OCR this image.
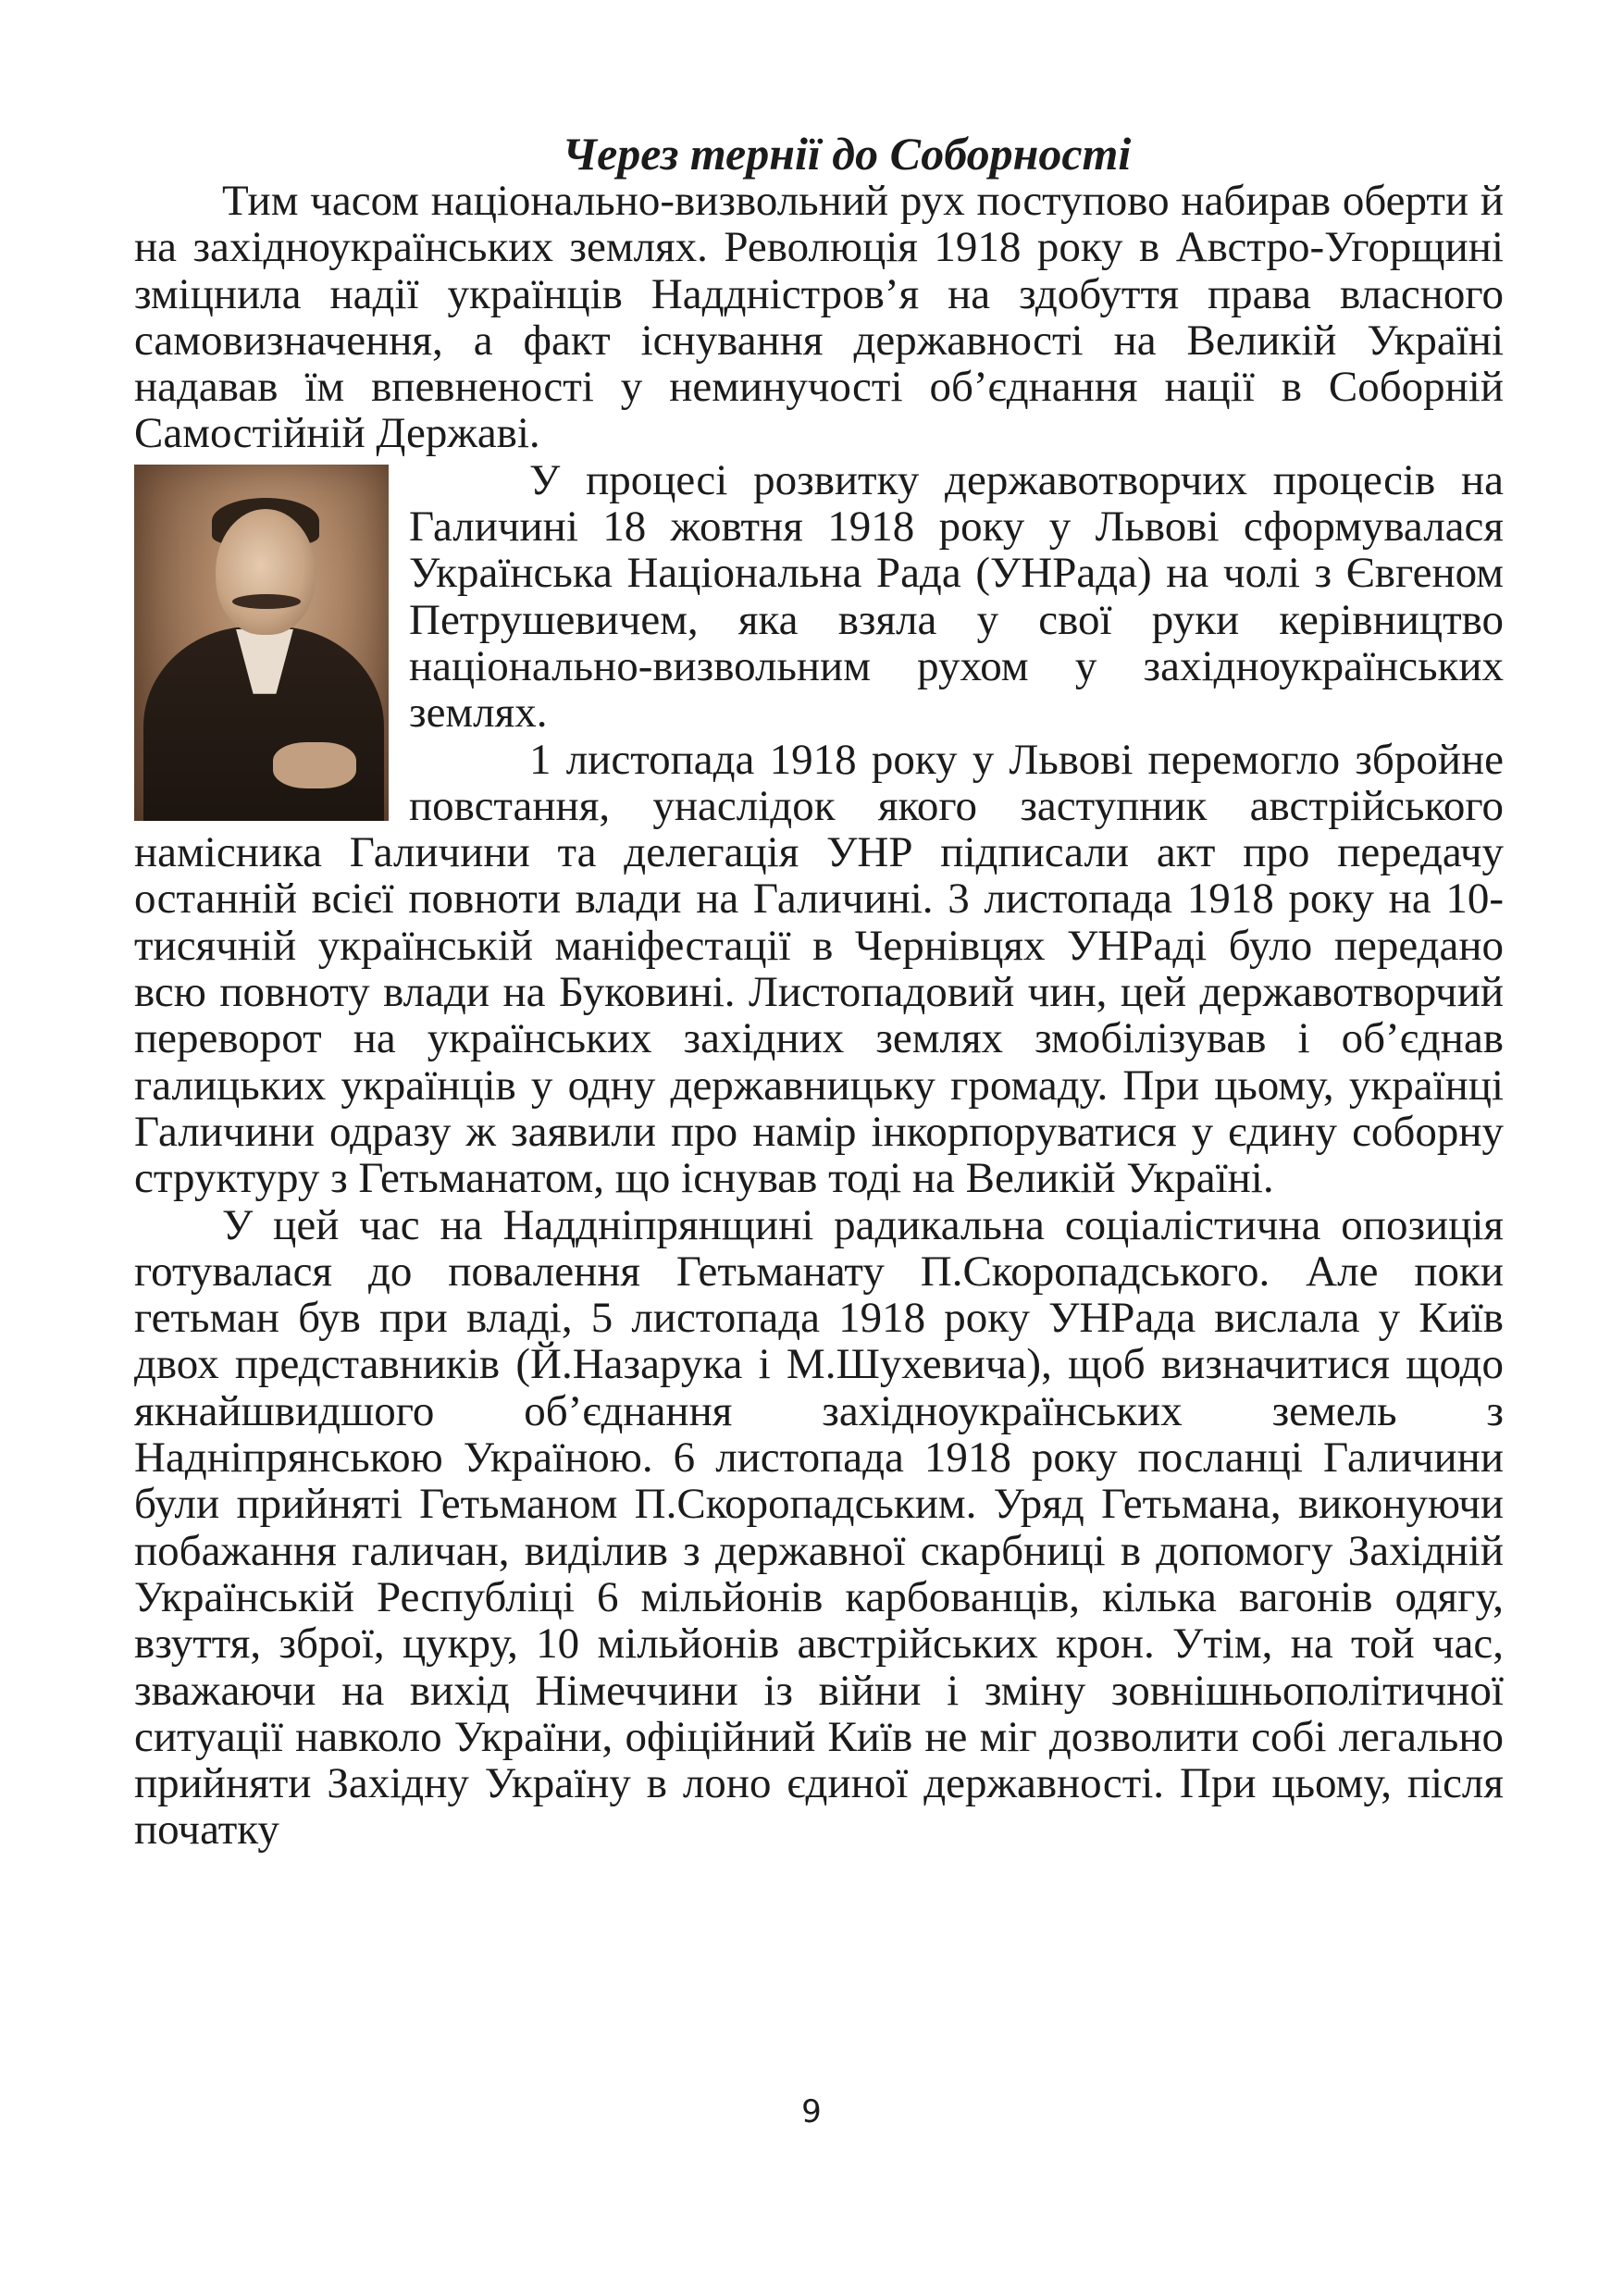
Через тернії до Соборності

Тим часом національно-визвольний рух поступово набирав оберти й на західноукраїнських землях. Революція 1918 року в Австро-Угорщині зміцнила надії українців Наддністров’я на здобуття права власного самовизначення, а факт існування державності на Великій Україні надавав їм впевненості у неминучості об’єднання нації в Соборній Самостійній Державі.

У процесі розвитку державотворчих процесів на Галичині 18 жовтня 1918 року у Львові сформувалася Українська Національна Рада (УНРада) на чолі з Євгеном Петрушевичем, яка взяла у свої руки керівництво національно-визвольним рухом у західноукраїнських землях.

1 листопада 1918 року у Львові перемогло збройне повстання, унаслідок якого заступник австрійського намісника Галичини та делегація УНР підписали акт про передачу останній всієї повноти влади на Галичині. 3 листопада 1918 року на 10-тисячній українській маніфестації в Чернівцях УНРаді було передано всю повноту влади на Буковині. Листопадовий чин, цей державотворчий переворот на українських західних землях змобілізував і об’єднав галицьких українців у одну державницьку громаду. При цьому, українці Галичини одразу ж заявили про намір інкорпоруватися у єдину соборну структуру з Гетьманатом, що існував тоді на Великій Україні.

У цей час на Наддніпрянщині радикальна соціалістична опозиція готувалася до повалення Гетьманату П.Скоропадського. Але поки гетьман був при владі, 5 листопада 1918 року УНРада вислала у Київ двох представників (Й.Назарука і М.Шухевича), щоб визначитися щодо якнайшвидшого об’єднання західноукраїнських земель з Надніпрянською Україною. 6 листопада 1918 року посланці Галичини були прийняті Гетьманом П.Скоропадським. Уряд Гетьмана, виконуючи побажання галичан, виділив з державної скарбниці в допомогу Західній Українській Республіці 6 мільйонів карбованців, кілька вагонів одягу, взуття, зброї, цукру, 10 мільйонів австрійських крон. Утім, на той час, зважаючи на вихід Німеччини із війни і зміну зовнішньополітичної ситуації навколо України, офіційний Київ не міг дозволити собі легально прийняти Західну Україну в лоно єдиної державності. При цьому, після початку

9
